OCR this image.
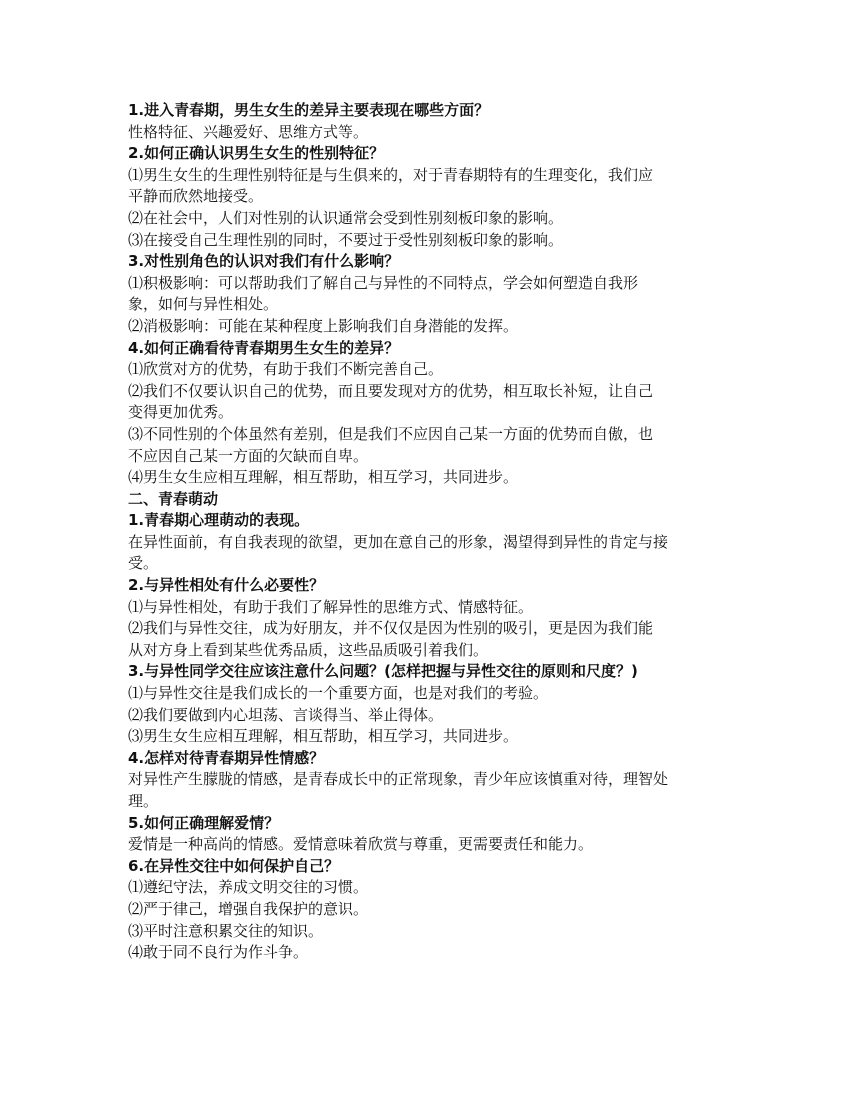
1.进入青春期，男生女生的差异主要表现在哪些方面？

性格特征、兴趣爱好、思维方式等。

2.如何正确认识男生女生的性别特征？

⑴男生女生的生理性别特征是与生俱来的，对于青春期特有的生理变化，我们应

平静而欣然地接受。

⑵在社会中，人们对性别的认识通常会受到性别刻板印象的影响。

⑶在接受自己生理性别的同时，不要过于受性别刻板印象的影响。

3.对性别角色的认识对我们有什么影响？

⑴积极影响：可以帮助我们了解自己与异性的不同特点，学会如何塑造自我形

象，如何与异性相处。

⑵消极影响：可能在某种程度上影响我们自身潜能的发挥。

4.如何正确看待青春期男生女生的差异？

⑴欣赏对方的优势，有助于我们不断完善自己。

⑵我们不仅要认识自己的优势，而且要发现对方的优势，相互取长补短，让自己

变得更加优秀。

⑶不同性别的个体虽然有差别，但是我们不应因自己某一方面的优势而自傲，也

不应因自己某一方面的欠缺而自卑。

⑷男生女生应相互理解，相互帮助，相互学习，共同进步。

二、青春萌动

1.青春期心理萌动的表现。

在异性面前，有自我表现的欲望，更加在意自己的形象，渴望得到异性的肯定与接

受。

2.与异性相处有什么必要性？

⑴与异性相处，有助于我们了解异性的思维方式、情感特征。

⑵我们与异性交往，成为好朋友，并不仅仅是因为性别的吸引，更是因为我们能

从对方身上看到某些优秀品质，这些品质吸引着我们。

3.与异性同学交往应该注意什么问题？(怎样把握与异性交往的原则和尺度？)

⑴与异性交往是我们成长的一个重要方面，也是对我们的考验。

⑵我们要做到内心坦荡、言谈得当、举止得体。

⑶男生女生应相互理解，相互帮助，相互学习，共同进步。

4.怎样对待青春期异性情感？

对异性产生朦胧的情感，是青春成长中的正常现象，青少年应该慎重对待，理智处

理。

5.如何正确理解爱情？

爱情是一种高尚的情感。爱情意味着欣赏与尊重，更需要责任和能力。

6.在异性交往中如何保护自己？

⑴遵纪守法，养成文明交往的习惯。

⑵严于律己，增强自我保护的意识。

⑶平时注意积累交往的知识。

⑷敢于同不良行为作斗争。
